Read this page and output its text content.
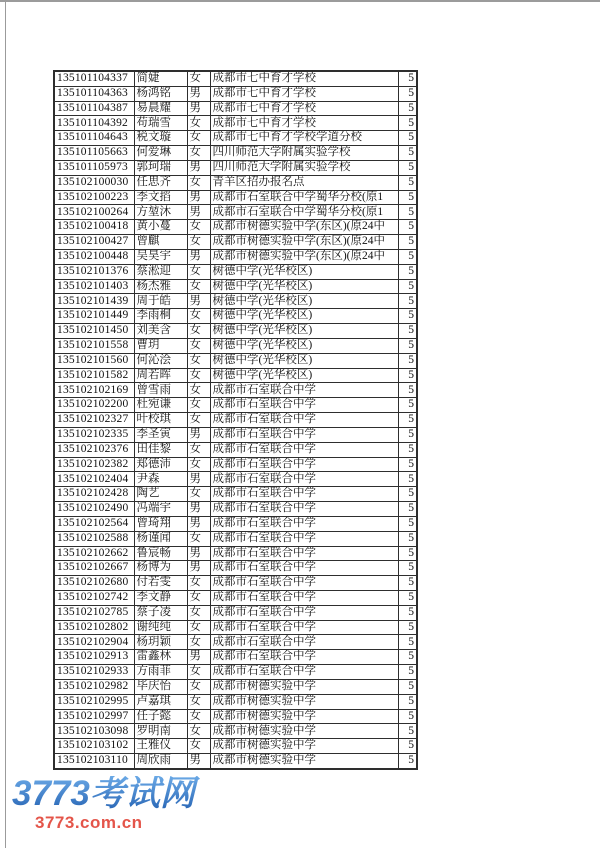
135101104337	简婕	女	成都市七中育才学校	5
135101104363	杨鸿铭	男	成都市七中育才学校	5
135101104387	易晨耀	男	成都市七中育才学校	5
135101104392	苟瑞雪	女	成都市七中育才学校	5
135101104643	税文璇	女	成都市七中育才学校学道分校	5
135101105663	何爱琳	女	四川师范大学附属实验学校	5
135101105973	郭珂瑞	男	四川师范大学附属实验学校	5
135102100030	任思齐	女	青羊区招办报名点	5
135102100223	李文搯	男	成都市石室联合中学蜀华分校(原1	5
135102100264	方堃沐	男	成都市石室联合中学蜀华分校(原1	5
135102100418	黄小蔓	女	成都市树德实验中学(东区)(原24中	5
135102100427	曾麒	女	成都市树德实验中学(东区)(原24中	5
135102100448	吴昊宇	男	成都市树德实验中学(东区)(原24中	5
135102101376	蔡淞迎	女	树德中学(光华校区)	5
135102101403	杨杰雅	女	树德中学(光华校区)	5
135102101439	周于皓	男	树德中学(光华校区)	5
135102101449	李雨桐	女	树德中学(光华校区)	5
135102101450	刘美含	女	树德中学(光华校区)	5
135102101558	曹玥	女	树德中学(光华校区)	5
135102101560	何沁浍	女	树德中学(光华校区)	5
135102101582	周若晖	女	树德中学(光华校区)	5
135102102169	曾雪雨	女	成都市石室联合中学	5
135102102200	杜宛谦	女	成都市石室联合中学	5
135102102327	叶校琪	女	成都市石室联合中学	5
135102102335	李圣寅	男	成都市石室联合中学	5
135102102376	田佳黎	女	成都市石室联合中学	5
135102102382	郑德沛	女	成都市石室联合中学	5
135102102404	尹森	男	成都市石室联合中学	5
135102102428	陶艺	女	成都市石室联合中学	5
135102102490	冯端宇	男	成都市石室联合中学	5
135102102564	曾琦翔	男	成都市石室联合中学	5
135102102588	杨谨闻	女	成都市石室联合中学	5
135102102662	鲁宸畅	男	成都市石室联合中学	5
135102102667	杨博为	男	成都市石室联合中学	5
135102102680	付若雯	女	成都市石室联合中学	5
135102102742	李文静	女	成都市石室联合中学	5
135102102785	蔡子凌	女	成都市石室联合中学	5
135102102802	谢纯纯	女	成都市石室联合中学	5
135102102904	杨玥颖	女	成都市石室联合中学	5
135102102913	雷鑫林	男	成都市石室联合中学	5
135102102933	方雨菲	女	成都市石室联合中学	5
135102102982	毕庆怡	女	成都市树德实验中学	5
135102102995	卢嘉琪	女	成都市树德实验中学	5
135102102997	任子懿	女	成都市树德实验中学	5
135102103098	罗明南	女	成都市树德实验中学	5
135102103102	王雅仪	女	成都市树德实验中学	5
135102103110	周欣雨	男	成都市树德实验中学	5
3773考试网
3773.com.cn
